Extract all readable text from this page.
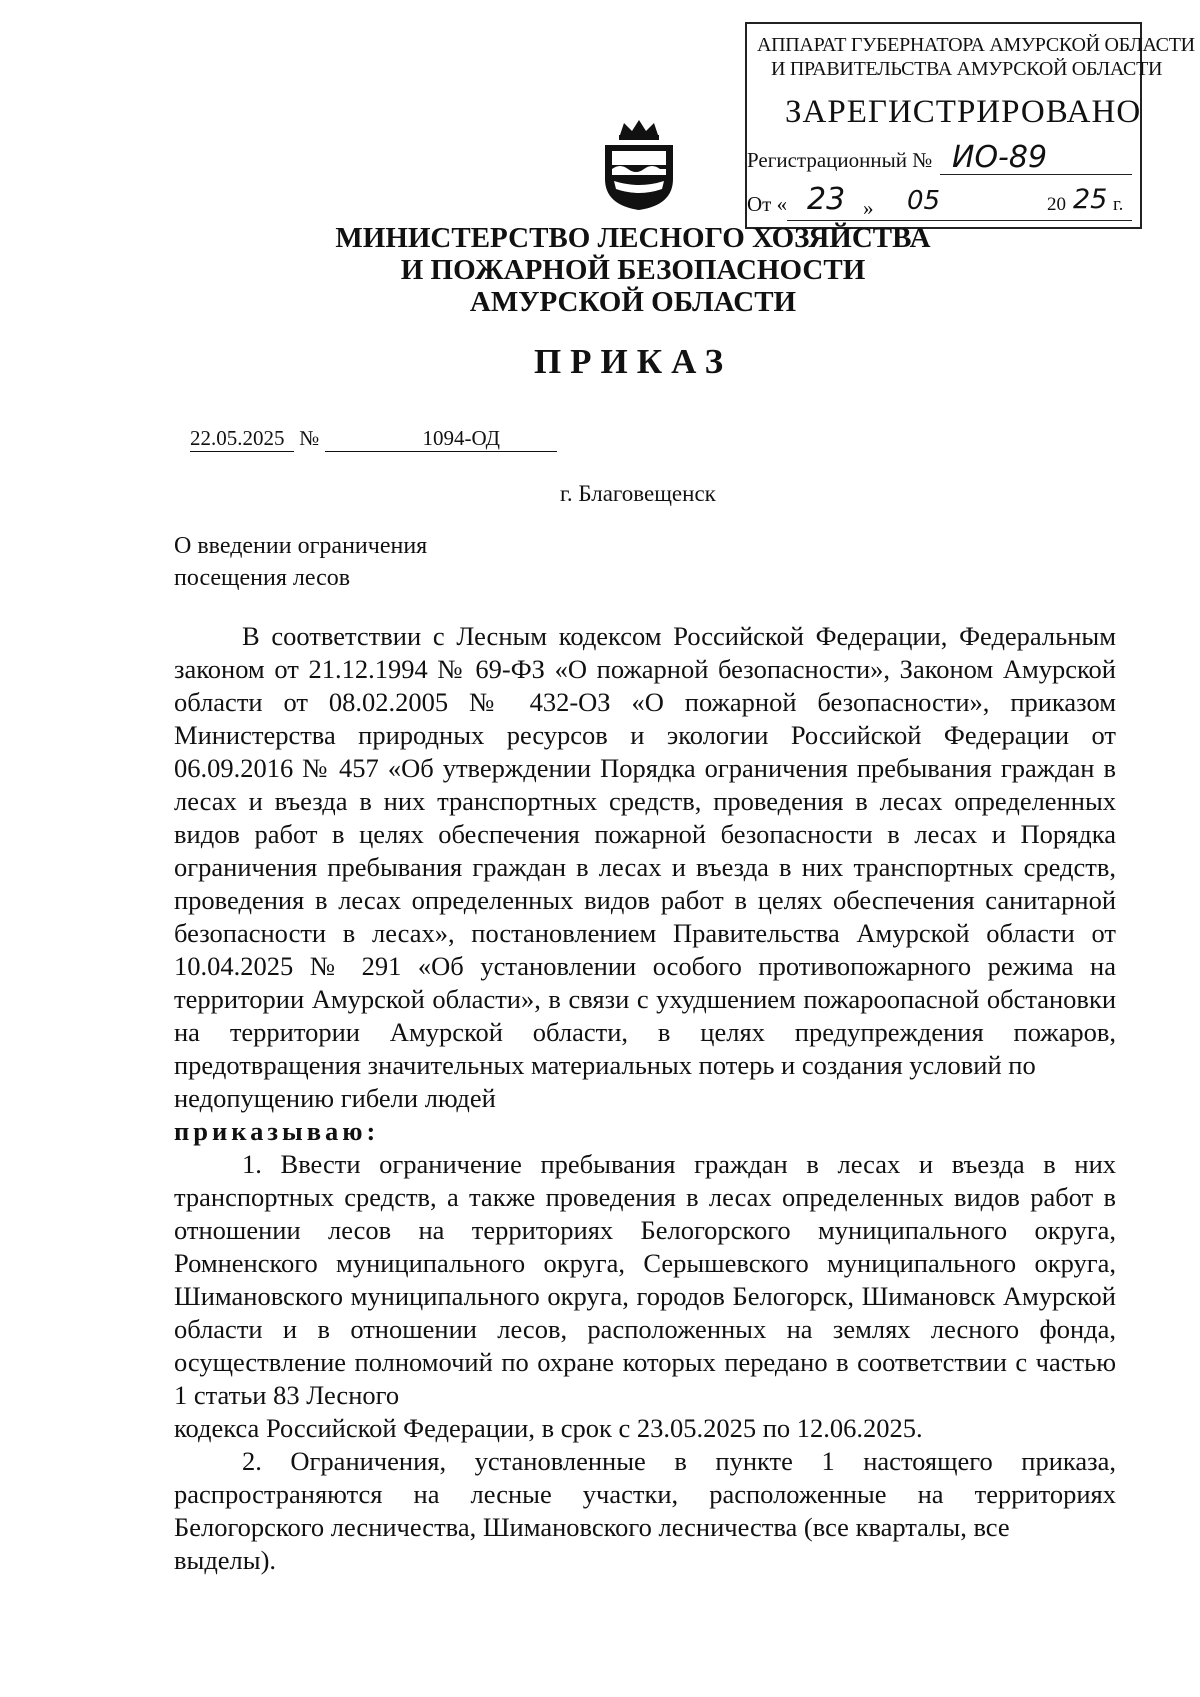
АППАРАТ ГУБЕРНАТОРА АМУРСКОЙ ОБЛАСТИ
И ПРАВИТЕЛЬСТВА АМУРСКОЙ ОБЛАСТИ
ЗАРЕГИСТРИРОВАНО
Регистрационный № ИО-89
От « 23 » 05	20 25 г.
МИНИСТЕРСТВО ЛЕСНОГО ХОЗЯЙСТВА
И ПОЖАРНОЙ БЕЗОПАСНОСТИ
АМУРСКОЙ ОБЛАСТИ
ПРИКАЗ
22.05.2025 №	1094-ОД
г. Благовещенск
О введении ограничения
посещения лесов

В соответствии с Лесным кодексом Российской Федерации, Федеральным законом от 21.12.1994 № 69-ФЗ «О пожарной безопасности», Законом Амурской области от 08.02.2005 № 432-ОЗ «О пожарной безопасности», приказом Министерства природных ресурсов и экологии Российской Федерации от 06.09.2016 № 457 «Об утверждении Порядка ограничения пребывания граждан в лесах и въезда в них транспортных средств, проведения в лесах определенных видов работ в целях обеспечения пожарной безопасности в лесах и Порядка ограничения пребывания граждан в лесах и въезда в них транспортных средств, проведения в лесах определенных видов работ в целях обеспечения санитарной безопасности в лесах», постановлением Правительства Амурской области от 10.04.2025 № 291 «Об установлении особого противопожарного режима на территории Амурской области», в связи с ухудшением пожароопасной обстановки на территории Амурской области, в целях предупреждения пожаров, предотвращения значительных материальных потерь и создания условий по

недопущению гибели людей

приказываю:

1. Ввести ограничение пребывания граждан в лесах и въезда в них транспортных средств, а также проведения в лесах определенных видов работ в отношении лесов на территориях Белогорского муниципального округа, Ромненского муниципального округа, Серышевского муниципального округа, Шимановского муниципального округа, городов Белогорск, Шимановск Амурской области и в отношении лесов, расположенных на землях лесного фонда, осуществление полномочий по охране которых передано в соответствии с частью 1 статьи 83 Лесного

кодекса Российской Федерации, в срок с 23.05.2025 по 12.06.2025.

2. Ограничения, установленные в пункте 1 настоящего приказа, распространяются на лесные участки, расположенные на территориях Белогорского лесничества, Шимановского лесничества (все кварталы, все

выделы).
